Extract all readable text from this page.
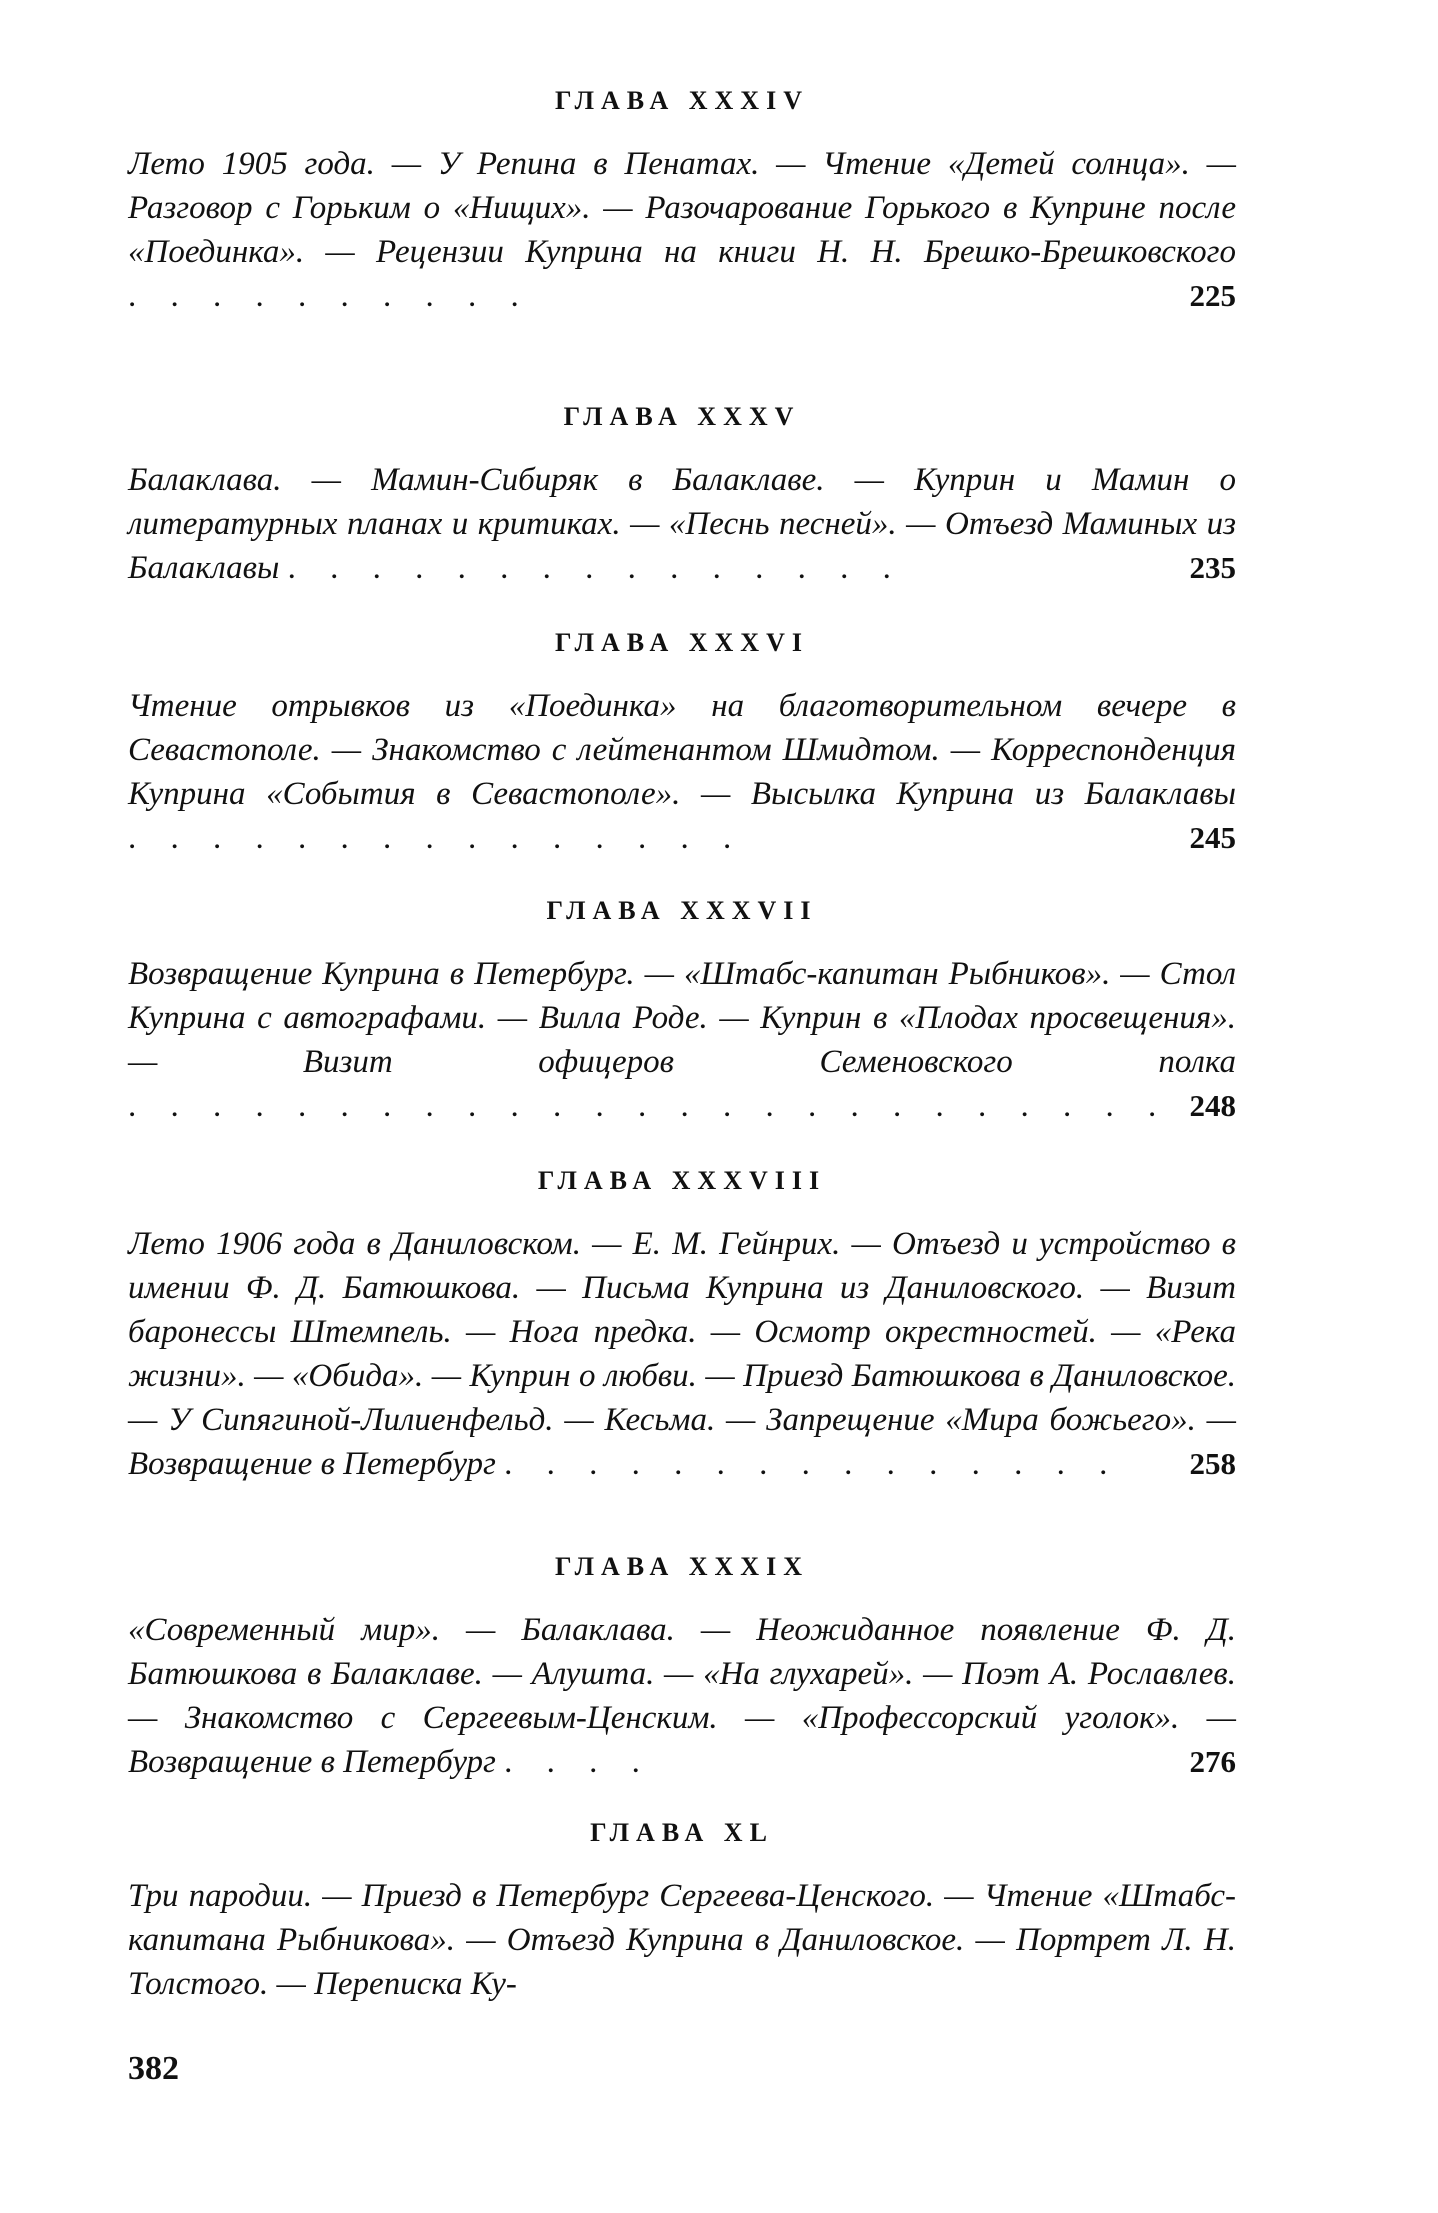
ГЛАВА XXXIV

Лето 1905 года. — У Репина в Пенатах. — Чтение «Детей солнца». — Разговор с Горьким о «Нищих». — Разочарование Горького в Куприне после «Поединка». — Рецензии Куприна на книги Н. Н. Брешко-Брешковского . . . . . . . . . .	225

ГЛАВА XXXV

Балаклава. — Мамин-Сибиряк в Балаклаве. — Куприн и Мамин о литературных планах и критиках. — «Песнь песней». — Отъезд Маминых из Балаклавы . . . . . . . . . . . . . . .	235

ГЛАВА XXXVI

Чтение отрывков из «Поединка» на благотворительном вечере в Севастополе. — Знакомство с лейтенантом Шмидтом. — Корреспонденция Куприна «События в Севастополе». — Высылка Куприна из Балаклавы . . . . . . . . . . . . . . .	245

ГЛАВА XXXVII

Возвращение Куприна в Петербург. — «Штабс-капитан Рыбников». — Стол Куприна с автографами. — Вилла Роде. — Куприн в «Плодах просвещения». — Визит офицеров Семеновского полка . . . . . . . . . . . . . . . . . . . . . . . . . 248

ГЛАВА XXXVIII

Лето 1906 года в Даниловском. — Е. М. Гейнрих. — Отъезд и устройство в имении Ф. Д. Батюшкова. — Письма Куприна из Даниловского. — Визит баронессы Штемпель. — Нога предка. — Осмотр окрестностей. — «Река жизни». — «Обида». — Куприн о любви. — Приезд Батюшкова в Даниловское. — У Сипягиной-Лилиенфельд. — Кесьма. — Запрещение «Мира божьего». — Возвращение в Петербург . . . . . . . . . . . . . . . 258

ГЛАВА XXXIX

«Современный мир». — Балаклава. — Неожиданное появление Ф. Д. Батюшкова в Балаклаве. — Алушта. — «На глухарей». — Поэт А. Рославлев. — Знакомство с Сергеевым-Ценским. — «Профессорский уголок». — Возвращение в Петербург . . . .	276

ГЛАВА XL

Три пародии. — Приезд в Петербург Сергеева-Ценского. — Чтение «Штабс-капитана Рыбникова». — Отъезд Куприна в Даниловское. — Портрет Л. Н. Толстого. — Переписка Ку-

382
